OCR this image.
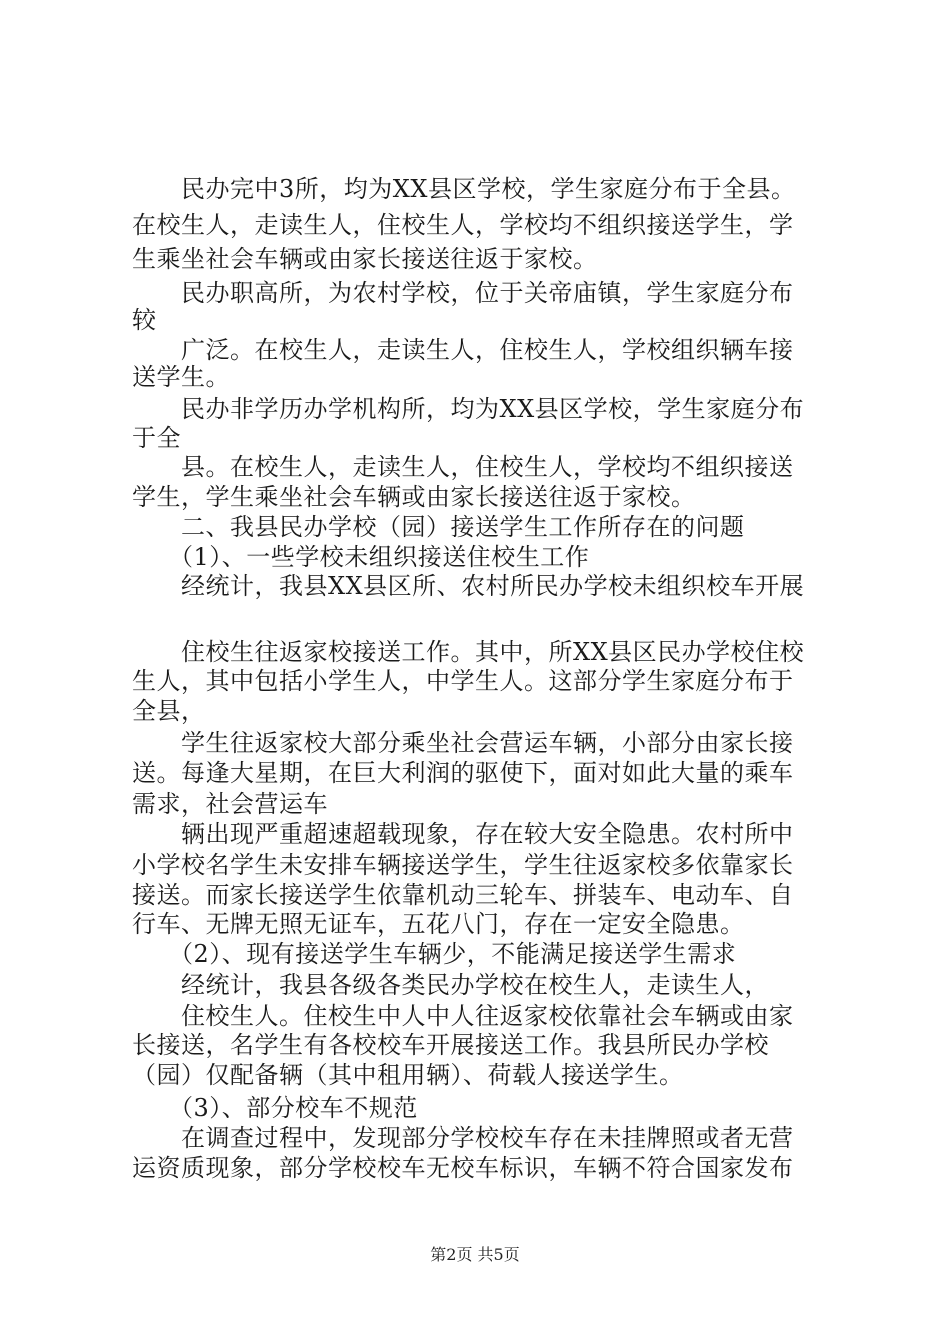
　　民办完中3所，均为XX县区学校，学生家庭分布于全县。
在校生人，走读生人，住校生人，学校均不组织接送学生，学
生乘坐社会车辆或由家长接送往返于家校。
　　民办职高所，为农村学校，位于关帝庙镇，学生家庭分布
较
　　广泛。在校生人，走读生人，住校生人，学校组织辆车接
送学生。
　　民办非学历办学机构所，均为XX县区学校，学生家庭分布
于全
　　县。在校生人，走读生人，住校生人，学校均不组织接送
学生，学生乘坐社会车辆或由家长接送往返于家校。
　　二、我县民办学校（园）接送学生工作所存在的问题
　　（1）、一些学校未组织接送住校生工作
　　经统计，我县XX县区所、农村所民办学校未组织校车开展
　　住校生往返家校接送工作。其中，所XX县区民办学校住校
生人，其中包括小学生人，中学生人。这部分学生家庭分布于
全县，
　　学生往返家校大部分乘坐社会营运车辆，小部分由家长接
送。每逢大星期，在巨大利润的驱使下，面对如此大量的乘车
需求，社会营运车
　　辆出现严重超速超载现象，存在较大安全隐患。农村所中
小学校名学生未安排车辆接送学生，学生往返家校多依靠家长
接送。而家长接送学生依靠机动三轮车、拼装车、电动车、自
行车、无牌无照无证车，五花八门，存在一定安全隐患。
　　（2）、现有接送学生车辆少，不能满足接送学生需求
　　经统计，我县各级各类民办学校在校生人，走读生人，
　　住校生人。住校生中人中人往返家校依靠社会车辆或由家
长接送，名学生有各校校车开展接送工作。我县所民办学校
（园）仅配备辆（其中租用辆）、荷载人接送学生。
　　（3）、部分校车不规范
　　在调查过程中，发现部分学校校车存在未挂牌照或者无营
运资质现象，部分学校校车无校车标识，车辆不符合国家发布
第2页 共5页
